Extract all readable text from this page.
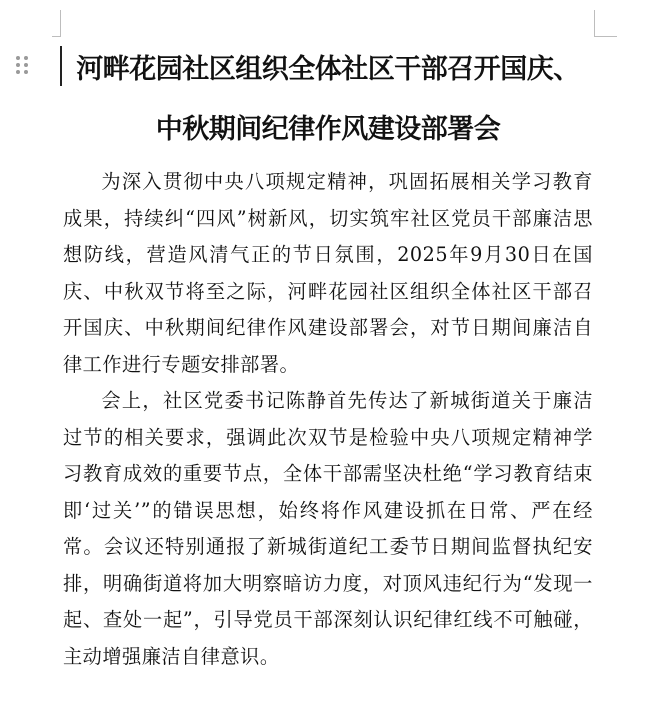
河畔花园社区组织全体社区干部召开国庆、
中秋期间纪律作风建设部署会

为深入贯彻中央八项规定精神，巩固拓展相关学习教育成果，持续纠“四风”树新风，切实筑牢社区党员干部廉洁思想防线，营造风清气正的节日氛围，2025年9月30日在国庆、中秋双节将至之际，河畔花园社区组织全体社区干部召开国庆、中秋期间纪律作风建设部署会，对节日期间廉洁自律工作进行专题安排部署。

会上，社区党委书记陈静首先传达了新城街道关于廉洁过节的相关要求，强调此次双节是检验中央八项规定精神学习教育成效的重要节点，全体干部需坚决杜绝“学习教育结束即‘过关’”的错误思想，始终将作风建设抓在日常、严在经常。会议还特别通报了新城街道纪工委节日期间监督执纪安排，明确街道将加大明察暗访力度，对顶风违纪行为“发现一起、查处一起”，引导党员干部深刻认识纪律红线不可触碰，主动增强廉洁自律意识。
